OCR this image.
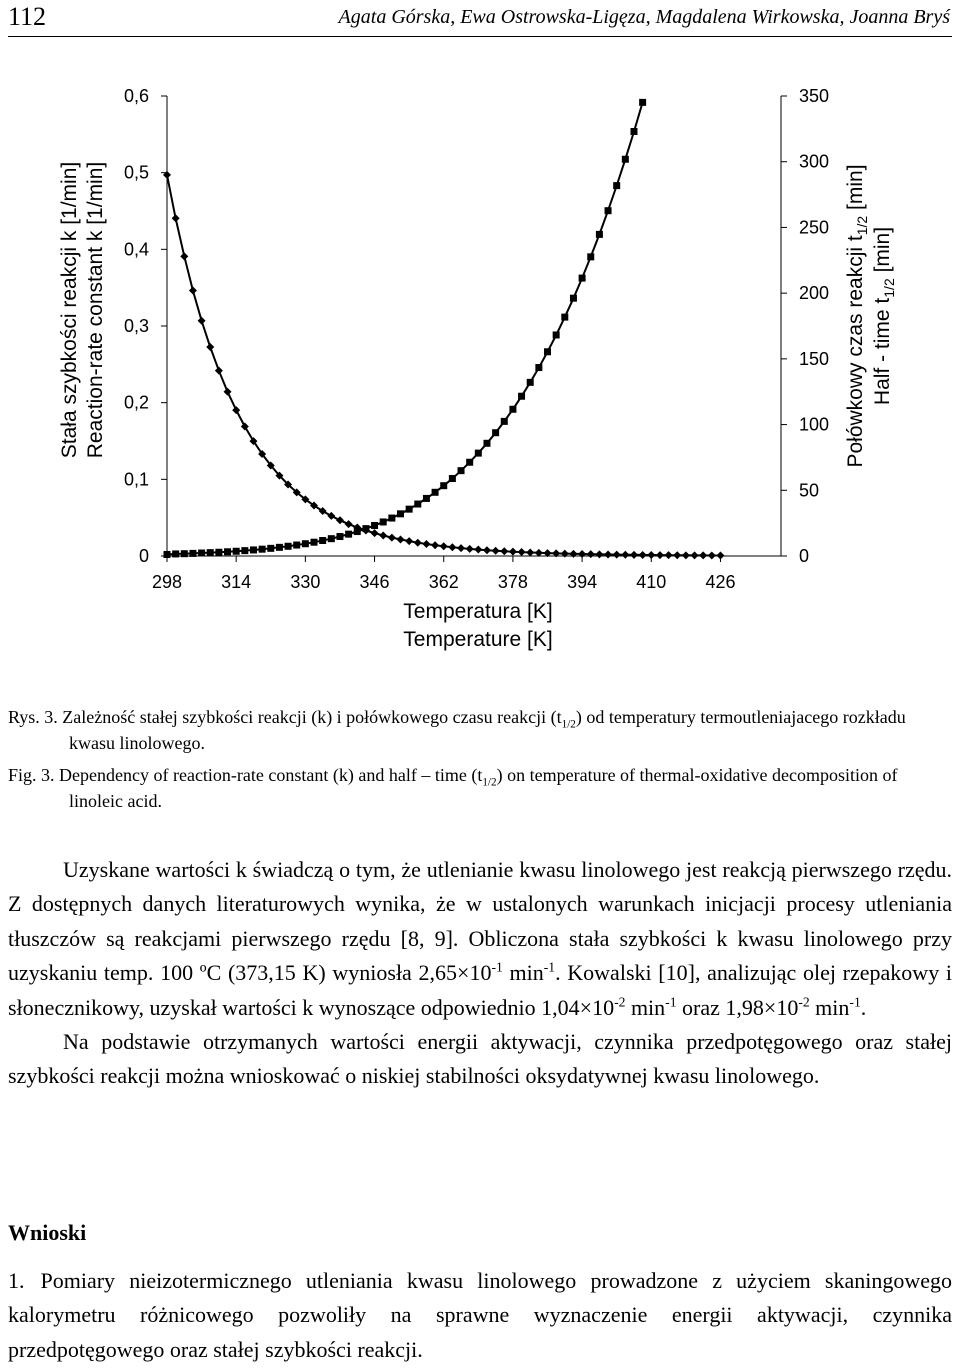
112	Agata Górska, Ewa Ostrowska-Ligęza, Magdalena Wirkowska, Joanna Bryś
298 314 330 346 362 378 394 410 426
0
0,1
0,2
0,3
0,4
0,5
0,6
0
50
100
150
200
250
300
350
Temperatura [K]
Temperature [K]
Stała szybkości reakcji k [1/min] Reaction-rate constant k [1/min]	Połówkowy czas reakcji $t_{1/2}$ [min]
Half - time $t_{1/2}$ [min]

Rys. 3. Zależność stałej szybkości reakcji (k) i połówkowego czasu reakcji $(t_{1/2})$ od temperatury termoutleniajacego rozkładu kwasu linolowego.

Fig. 3. Dependency of reaction-rate constant (k) and half – time $(t_{1/2})$ on temperature of thermal-oxidative decomposition of linoleic acid.

Uzyskane wartości k świadczą o tym, że utlenianie kwasu linolowego jest reakcją pierwszego rzędu. Z dostępnych danych literaturowych wynika, że w ustalonych warunkach inicjacji procesy utleniania tłuszczów są reakcjami pierwszego rzędu [8, 9]. Obliczona stała szybkości k kwasu linolowego przy uzyskaniu temp. 100 ºC (373,15 K) wyniosła $2,65\times 10^{-1}$ $\min^{-1}$. Kowalski [10], analizując olej rzepakowy i słonecznikowy, uzyskał wartości k wynoszące odpowiednio $1,04\times 10^{-2}$ $\min^{-1}$ oraz $1,98\times 10^{-2}$ $\min^{-1}$.

Na podstawie otrzymanych wartości energii aktywacji, czynnika przedpotęgowego oraz stałej szybkości reakcji można wnioskować o niskiej stabilności oksydatywnej kwasu linolowego.

Wnioski
1. Pomiary nieizotermicznego utleniania kwasu linolowego prowadzone z użyciem skaningowego kalorymetru różnicowego pozwoliły na sprawne wyznaczenie energii aktywacji, czynnika przedpotęgowego oraz stałej szybkości reakcji.
